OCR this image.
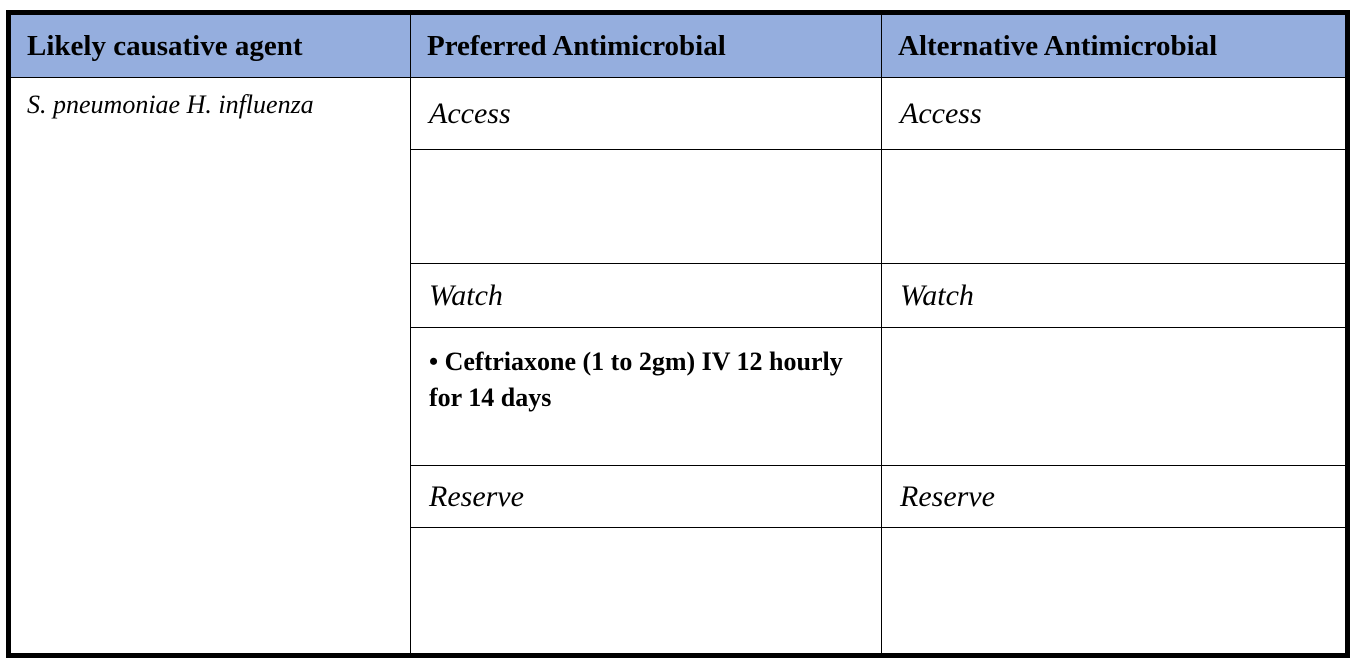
Likely causative agent	Preferred Antimicrobial	Alternative Antimicrobial
S. pneumoniae H. influenza	Access	Access

	Watch	Watch

	• Ceftriaxone (1 to 2gm) IV 12 hourly for 14 days	

	Reserve	Reserve
